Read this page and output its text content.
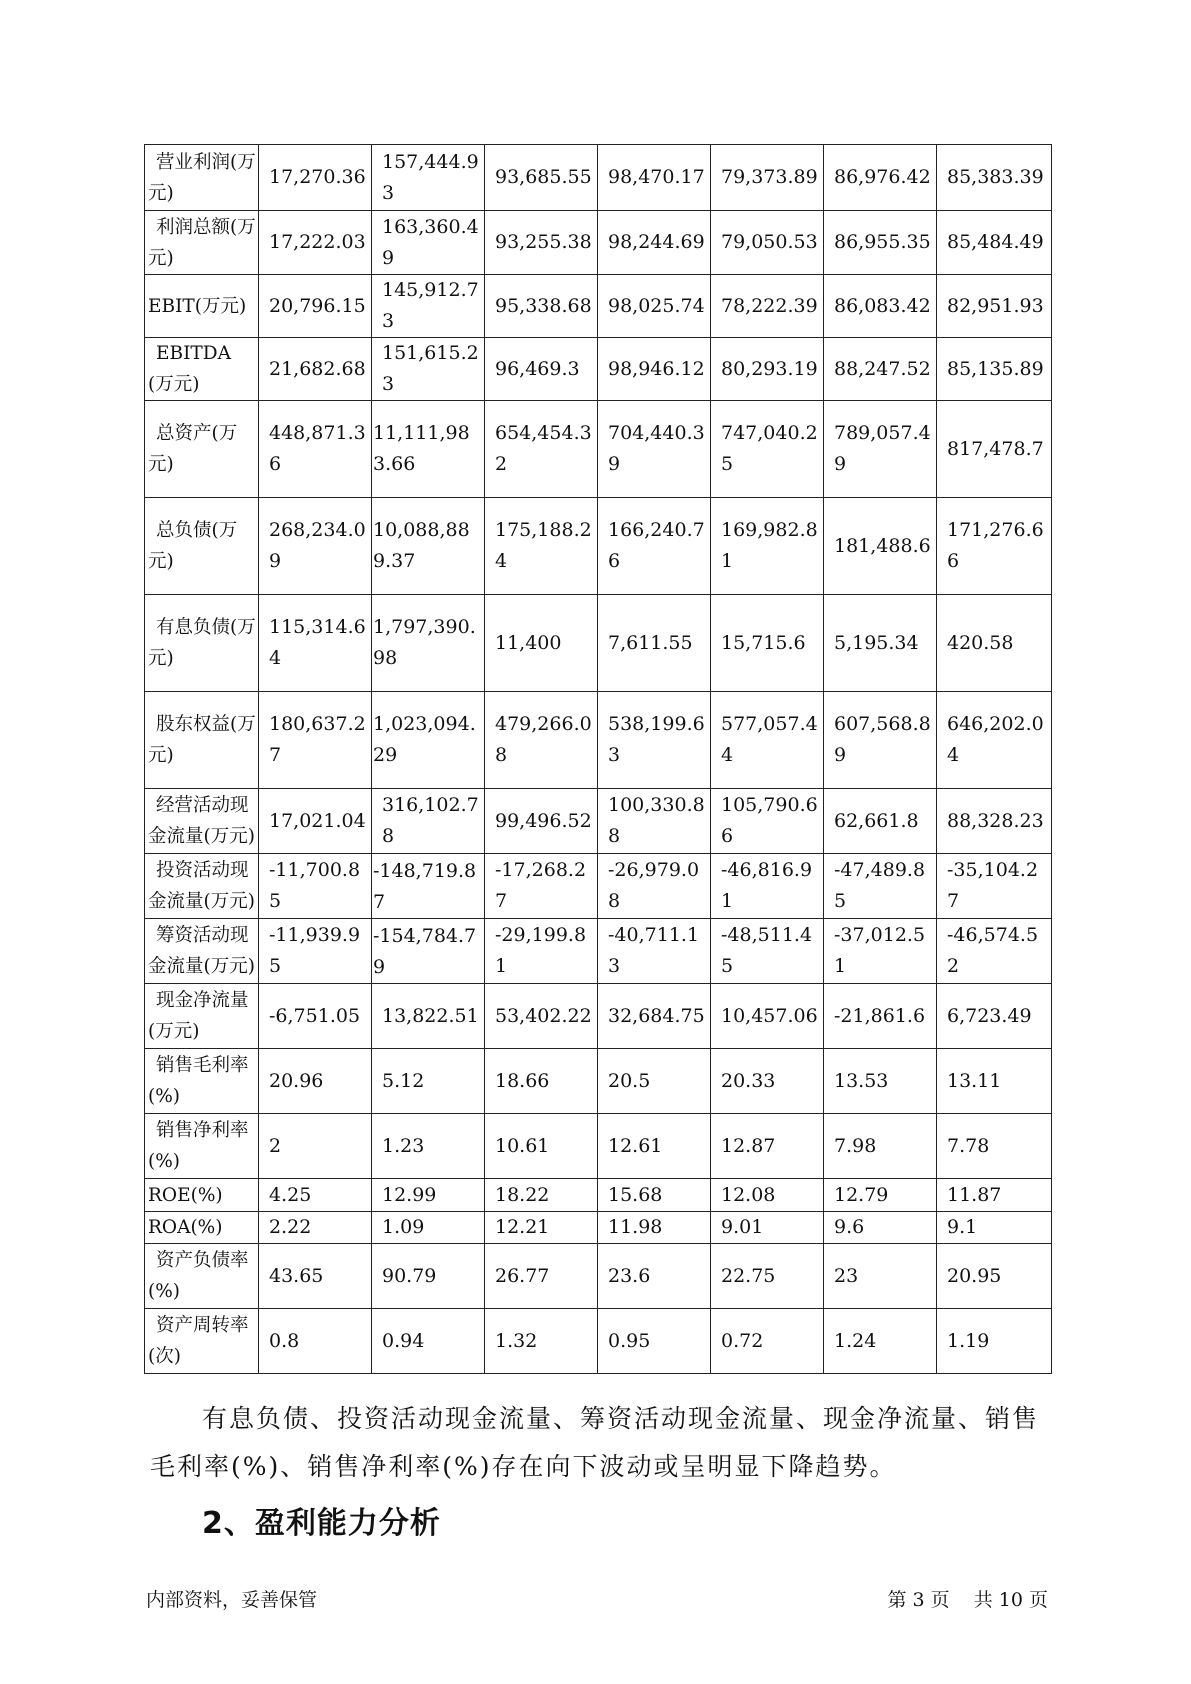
营业利润(万元)	17,270.36	157,444.93	93,685.55	98,470.17	79,373.89	86,976.42	85,383.39

利润总额(万元)	17,222.03	163,360.49	93,255.38	98,244.69	79,050.53	86,955.35	85,484.49

EBIT(万元)	20,796.15	145,912.73	95,338.68	98,025.74	78,222.39	86,083.42	82,951.93

EBITDA(万元)	21,682.68	151,615.23	96,469.3	98,946.12	80,293.19	88,247.52	85,135.89

总资产(万元)	448,871.36	11,111,983.66	654,454.32	704,440.39	747,040.25	789,057.49	817,478.7

总负债(万元)	268,234.09	10,088,889.37	175,188.24	166,240.76	169,982.81	181,488.6	171,276.66

有息负债(万元)	115,314.64	1,797,390.98	11,400	7,611.55	15,715.6	5,195.34	420.58

股东权益(万元)	180,637.27	1,023,094.29	479,266.08	538,199.63	577,057.44	607,568.89	646,202.04

经营活动现金流量(万元)	17,021.04	316,102.78	99,496.52	100,330.88	105,790.66	62,661.8	88,328.23

投资活动现金流量(万元)	-11,700.85	-148,719.87	-17,268.27	-26,979.08	-46,816.91	-47,489.85	-35,104.27

筹资活动现金流量(万元)	-11,939.95	-154,784.79	-29,199.81	-40,711.13	-48,511.45	-37,012.51	-46,574.52

现金净流量(万元)	-6,751.05	13,822.51	53,402.22	32,684.75	10,457.06	-21,861.6	6,723.49

销售毛利率(%)	20.96	5.12	18.66	20.5	20.33	13.53	13.11

销售净利率(%)	2	1.23	10.61	12.61	12.87	7.98	7.78

ROE(%)	4.25	12.99	18.22	15.68	12.08	12.79	11.87

ROA(%)	2.22	1.09	12.21	11.98	9.01	9.6	9.1

资产负债率(%)	43.65	90.79	26.77	23.6	22.75	23	20.95

资产周转率(次)	0.8	0.94	1.32	0.95	0.72	1.24	1.19
有息负债、投资活动现金流量、筹资活动现金流量、现金净流量、销售毛利率(%)、销售净利率(%)存在向下波动或呈明显下降趋势。
2、盈利能力分析
内部资料，妥善保管	第 3 页 共 10 页
